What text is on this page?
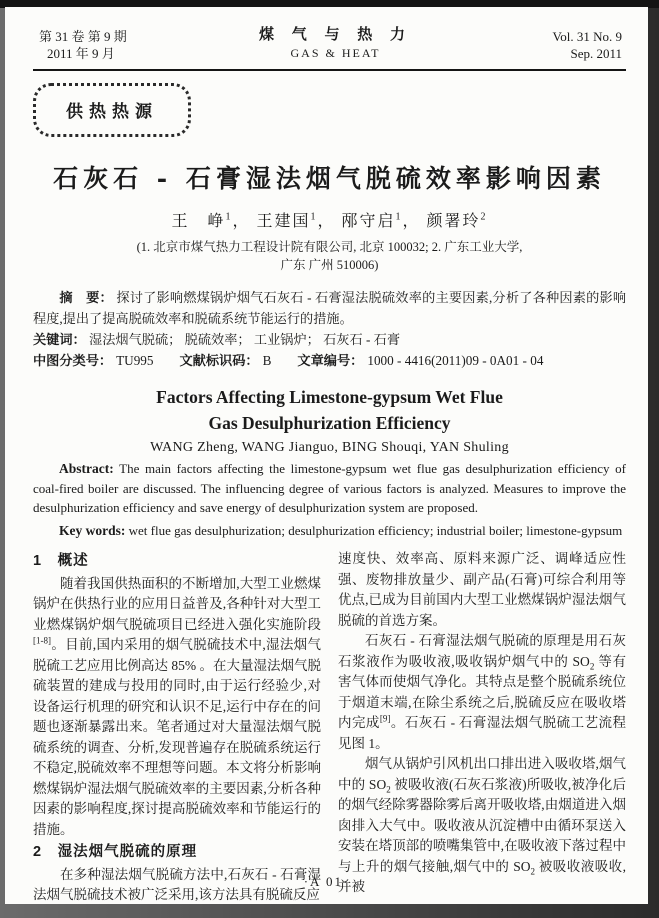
第 31 卷 第 9 期
2011 年 9 月
煤 气 与 热 力
GAS & HEAT
Vol. 31 No. 9
Sep. 2011
供热热源
石灰石 - 石膏湿法烟气脱硫效率影响因素
王　峥$^1$， 王建国$^1$， 邴守启$^1$， 颜署玲$^2$
(1. 北京市煤气热力工程设计院有限公司, 北京 100032; 2. 广东工业大学,
广东 广州 510006)

摘　要： 探讨了影响燃煤锅炉烟气石灰石 - 石膏湿法脱硫效率的主要因素,分析了各种因素的影响程度,提出了提高脱硫效率和脱硫系统节能运行的措施。

关键词： 湿法烟气脱硫； 脱硫效率； 工业锅炉； 石灰石 - 石膏

中图分类号： TU995 文献标识码： B 文章编号： 1000 - 4416(2011)09 - 0A01 - 04

Factors Affecting Limestone-gypsum Wet Flue
Gas Desulphurization Efficiency
WANG Zheng, WANG Jianguo, BING Shouqi, YAN Shuling

Abstract: The main factors affecting the limestone-gypsum wet flue gas desulphurization efficiency of coal-fired boiler are discussed. The influencing degree of various factors is analyzed. Measures to improve the desulphurization efficiency and save energy of desulphurization system are proposed.

Key words: wet flue gas desulphurization; desulphurization efficiency; industrial boiler; limestone-gypsum

1　概述

随着我国供热面积的不断增加,大型工业燃煤锅炉在供热行业的应用日益普及,各种针对大型工业燃煤锅炉烟气脱硫项目已经进入强化实施阶段[1-8]。目前,国内采用的烟气脱硫技术中,湿法烟气脱硫工艺应用比例高达 85% 。在大量湿法烟气脱硫装置的建成与投用的同时,由于运行经验少,对设备运行机理的研究和认识不足,运行中存在的问题也逐渐暴露出来。笔者通过对大量湿法烟气脱硫系统的调查、分析,发现普遍存在脱硫系统运行不稳定,脱硫效率不理想等问题。本文将分析影响燃煤锅炉湿法烟气脱硫效率的主要因素,分析各种因素的影响程度,探讨提高脱硫效率和节能运行的措施。

2　湿法烟气脱硫的原理

在多种湿法烟气脱硫方法中,石灰石 - 石膏湿法烟气脱硫技术被广泛采用,该方法具有脱硫反应

速度快、效率高、原料来源广泛、调峰适应性强、废物排放量少、副产品(石膏)可综合利用等优点,已成为目前国内大型工业燃煤锅炉湿法烟气脱硫的首选方案。

石灰石 - 石膏湿法烟气脱硫的原理是用石灰石浆液作为吸收液,吸收锅炉烟气中的 $SO_2$ 等有害气体而使烟气净化。其特点是整个脱硫系统位于烟道末端,在除尘系统之后,脱硫反应在吸收塔内完成[9]。石灰石 - 石膏湿法烟气脱硫工艺流程见图 1。

烟气从锅炉引风机出口排出进入吸收塔,烟气中的 $SO_2$ 被吸收液(石灰石浆液)所吸收,被净化后的烟气经除雾器除雾后离开吸收塔,由烟道进入烟囱排入大气中。吸收液从沉淀槽中由循环泵送入安装在塔顶部的喷嘴集管中,在吸收液下落过程中与上升的烟气接触,烟气中的 $SO_2$ 被吸收液吸收,并被

·A 01·
